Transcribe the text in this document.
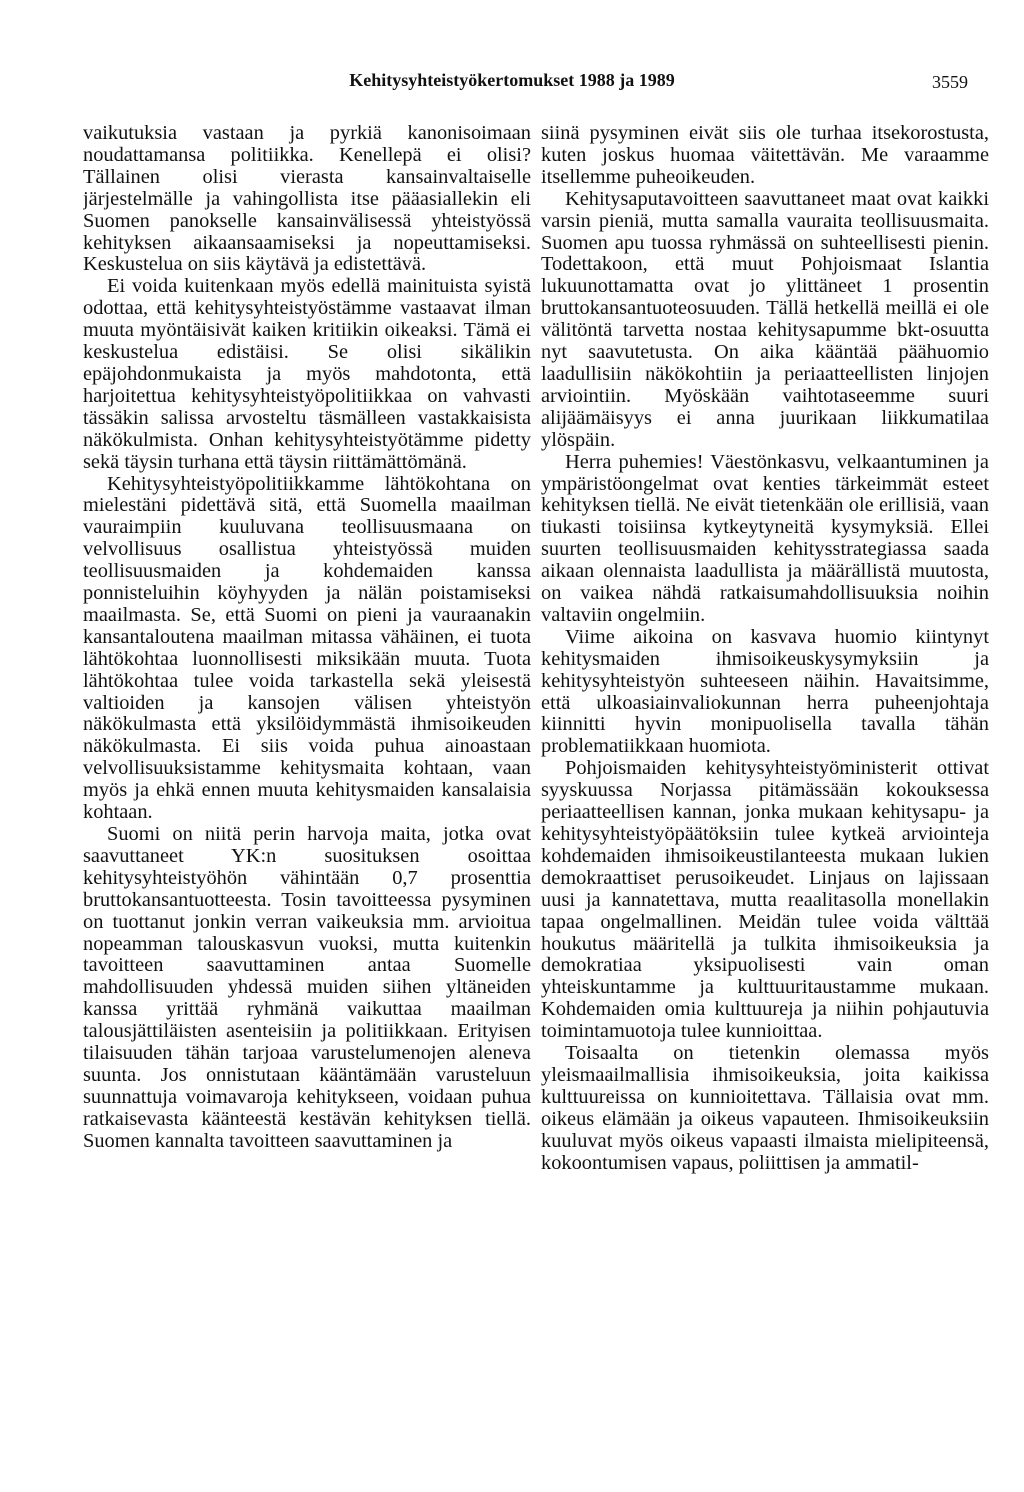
Kehitysyhteistyökertomukset 1988 ja 1989	3559

vaikutuksia vastaan ja pyrkiä kanonisoimaan noudattamansa politiikka. Kenellepä ei olisi? Tällainen olisi vierasta kansainvaltaiselle järjestelmälle ja vahingollista itse pääasiallekin eli Suomen panokselle kansainvälisessä yhteistyössä kehityksen aikaansaamiseksi ja nopeuttamiseksi. Keskustelua on siis käytävä ja edistettävä.

Ei voida kuitenkaan myös edellä mainituista syistä odottaa, että kehitysyhteistyöstämme vastaavat ilman muuta myöntäisivät kaiken kritiikin oikeaksi. Tämä ei keskustelua edistäisi. Se olisi sikälikin epäjohdonmukaista ja myös mahdotonta, että harjoitettua kehitysyhteistyöpolitiikkaa on vahvasti tässäkin salissa arvosteltu täsmälleen vastakkaisista näkökulmista. Onhan kehitysyhteistyötämme pidetty sekä täysin turhana että täysin riittämättömänä.

Kehitysyhteistyöpolitiikkamme lähtökohtana on mielestäni pidettävä sitä, että Suomella maailman vauraimpiin kuuluvana teollisuusmaana on velvollisuus osallistua yhteistyössä muiden teollisuusmaiden ja kohdemaiden kanssa ponnisteluihin köyhyyden ja nälän poistamiseksi maailmasta. Se, että Suomi on pieni ja vauraanakin kansantaloutena maailman mitassa vähäinen, ei tuota lähtökohtaa luonnollisesti miksikään muuta. Tuota lähtökohtaa tulee voida tarkastella sekä yleisestä valtioiden ja kansojen välisen yhteistyön näkökulmasta että yksilöidymmästä ihmisoikeuden näkökulmasta. Ei siis voida puhua ainoastaan velvollisuuksistamme kehitysmaita kohtaan, vaan myös ja ehkä ennen muuta kehitysmaiden kansalaisia kohtaan.

Suomi on niitä perin harvoja maita, jotka ovat saavuttaneet YK:n suosituksen osoittaa kehitysyhteistyöhön vähintään 0,7 prosenttia bruttokansantuotteesta. Tosin tavoitteessa pysyminen on tuottanut jonkin verran vaikeuksia mm. arvioitua nopeamman talouskasvun vuoksi, mutta kuitenkin tavoitteen saavuttaminen antaa Suomelle mahdollisuuden yhdessä muiden siihen yltäneiden kanssa yrittää ryhmänä vaikuttaa maailman talousjättiläisten asenteisiin ja politiikkaan. Erityisen tilaisuuden tähän tarjoaa varustelumenojen aleneva suunta. Jos onnistutaan kääntämään varusteluun suunnattuja voimavaroja kehitykseen, voidaan puhua ratkaisevasta käänteestä kestävän kehityksen tiellä. Suomen kannalta tavoitteen saavuttaminen ja

siinä pysyminen eivät siis ole turhaa itsekorostusta, kuten joskus huomaa väitettävän. Me varaamme itsellemme puheoikeuden.

Kehitysaputavoitteen saavuttaneet maat ovat kaikki varsin pieniä, mutta samalla vauraita teollisuusmaita. Suomen apu tuossa ryhmässä on suhteellisesti pienin. Todettakoon, että muut Pohjoismaat Islantia lukuunottamatta ovat jo ylittäneet 1 prosentin bruttokansantuoteosuuden. Tällä hetkellä meillä ei ole välitöntä tarvetta nostaa kehitysapumme bkt-osuutta nyt saavutetusta. On aika kääntää päähuomio laadullisiin näkökohtiin ja periaatteellisten linjojen arviointiin. Myöskään vaihtotaseemme suuri alijäämäisyys ei anna juurikaan liikkumatilaa ylöspäin.

Herra puhemies! Väestönkasvu, velkaantuminen ja ympäristöongelmat ovat kenties tärkeimmät esteet kehityksen tiellä. Ne eivät tietenkään ole erillisiä, vaan tiukasti toisiinsa kytkeytyneitä kysymyksiä. Ellei suurten teollisuusmaiden kehitysstrategiassa saada aikaan olennaista laadullista ja määrällistä muutosta, on vaikea nähdä ratkaisumahdollisuuksia noihin valtaviin ongelmiin.

Viime aikoina on kasvava huomio kiintynyt kehitysmaiden ihmisoikeuskysymyksiin ja kehitysyhteistyön suhteeseen näihin. Havaitsimme, että ulkoasiainvaliokunnan herra puheenjohtaja kiinnitti hyvin monipuolisella tavalla tähän problematiikkaan huomiota.

Pohjoismaiden kehitysyhteistyöministerit ottivat syyskuussa Norjassa pitämässään kokouksessa periaatteellisen kannan, jonka mukaan kehitysapu- ja kehitysyhteistyöpäätöksiin tulee kytkeä arviointeja kohdemaiden ihmisoikeustilanteesta mukaan lukien demokraattiset perusoikeudet. Linjaus on lajissaan uusi ja kannatettava, mutta reaalitasolla monellakin tapaa ongelmallinen. Meidän tulee voida välttää houkutus määritellä ja tulkita ihmisoikeuksia ja demokratiaa yksipuolisesti vain oman yhteiskuntamme ja kulttuuritaustamme mukaan. Kohdemaiden omia kulttuureja ja niihin pohjautuvia toimintamuotoja tulee kunnioittaa.

Toisaalta on tietenkin olemassa myös yleismaailmallisia ihmisoikeuksia, joita kaikissa kulttuureissa on kunnioitettava. Tällaisia ovat mm. oikeus elämään ja oikeus vapauteen. Ihmisoikeuksiin kuuluvat myös oikeus vapaasti ilmaista mielipiteensä, kokoontumisen vapaus, poliittisen ja ammatil-
